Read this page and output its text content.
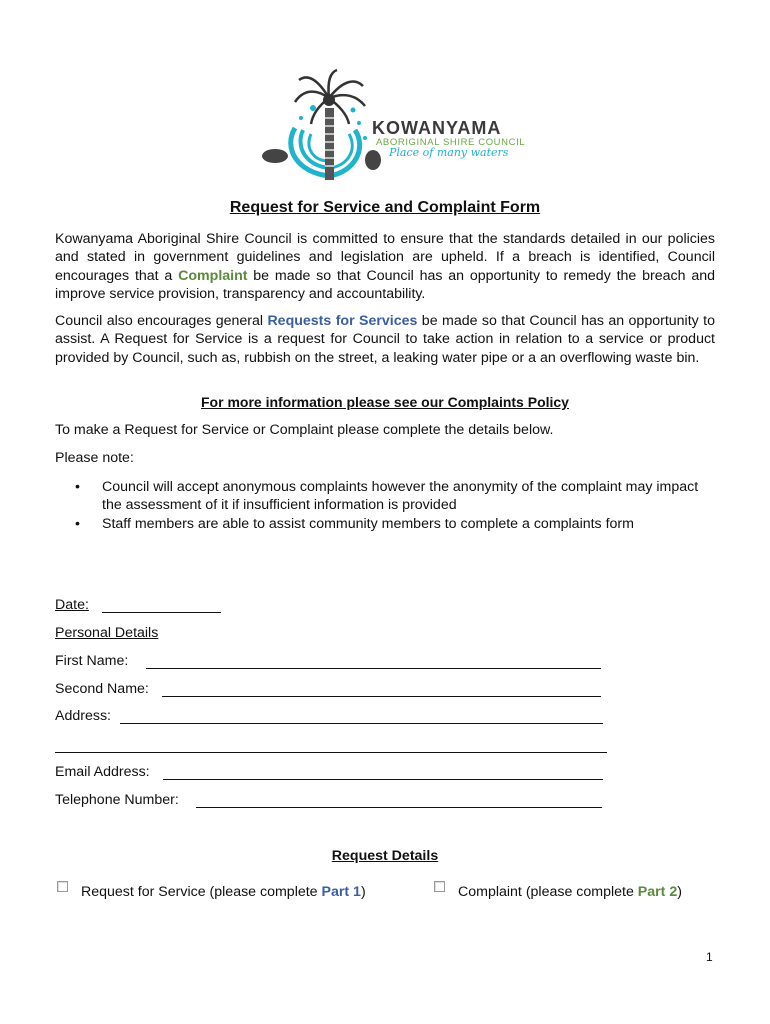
KOWANYAMA
ABORIGINAL SHIRE COUNCIL
Place of many waters
Request for Service and Complaint Form

Kowanyama Aboriginal Shire Council is committed to ensure that the standards detailed in our policies and stated in government guidelines and legislation are upheld. If a breach is identified, Council encourages that a Complaint be made so that Council has an opportunity to remedy the breach and improve service provision, transparency and accountability.

Council also encourages general Requests for Services be made so that Council has an opportunity to assist. A Request for Service is a request for Council to take action in relation to a service or product provided by Council, such as, rubbish on the street, a leaking water pipe or a an overflowing waste bin.

For more information please see our Complaints Policy
To make a Request for Service or Complaint please complete the details below.
Please note:
• Council will accept anonymous complaints however the anonymity of the complaint may impact the assessment of it if insufficient information is provided
• Staff members are able to assist community members to complete a complaints form
Date:
Personal Details
First Name:
Second Name:
Address:
Email Address:
Telephone Number:
Request Details
Request for Service (please complete Part 1)	Complaint (please complete Part 2)
1
